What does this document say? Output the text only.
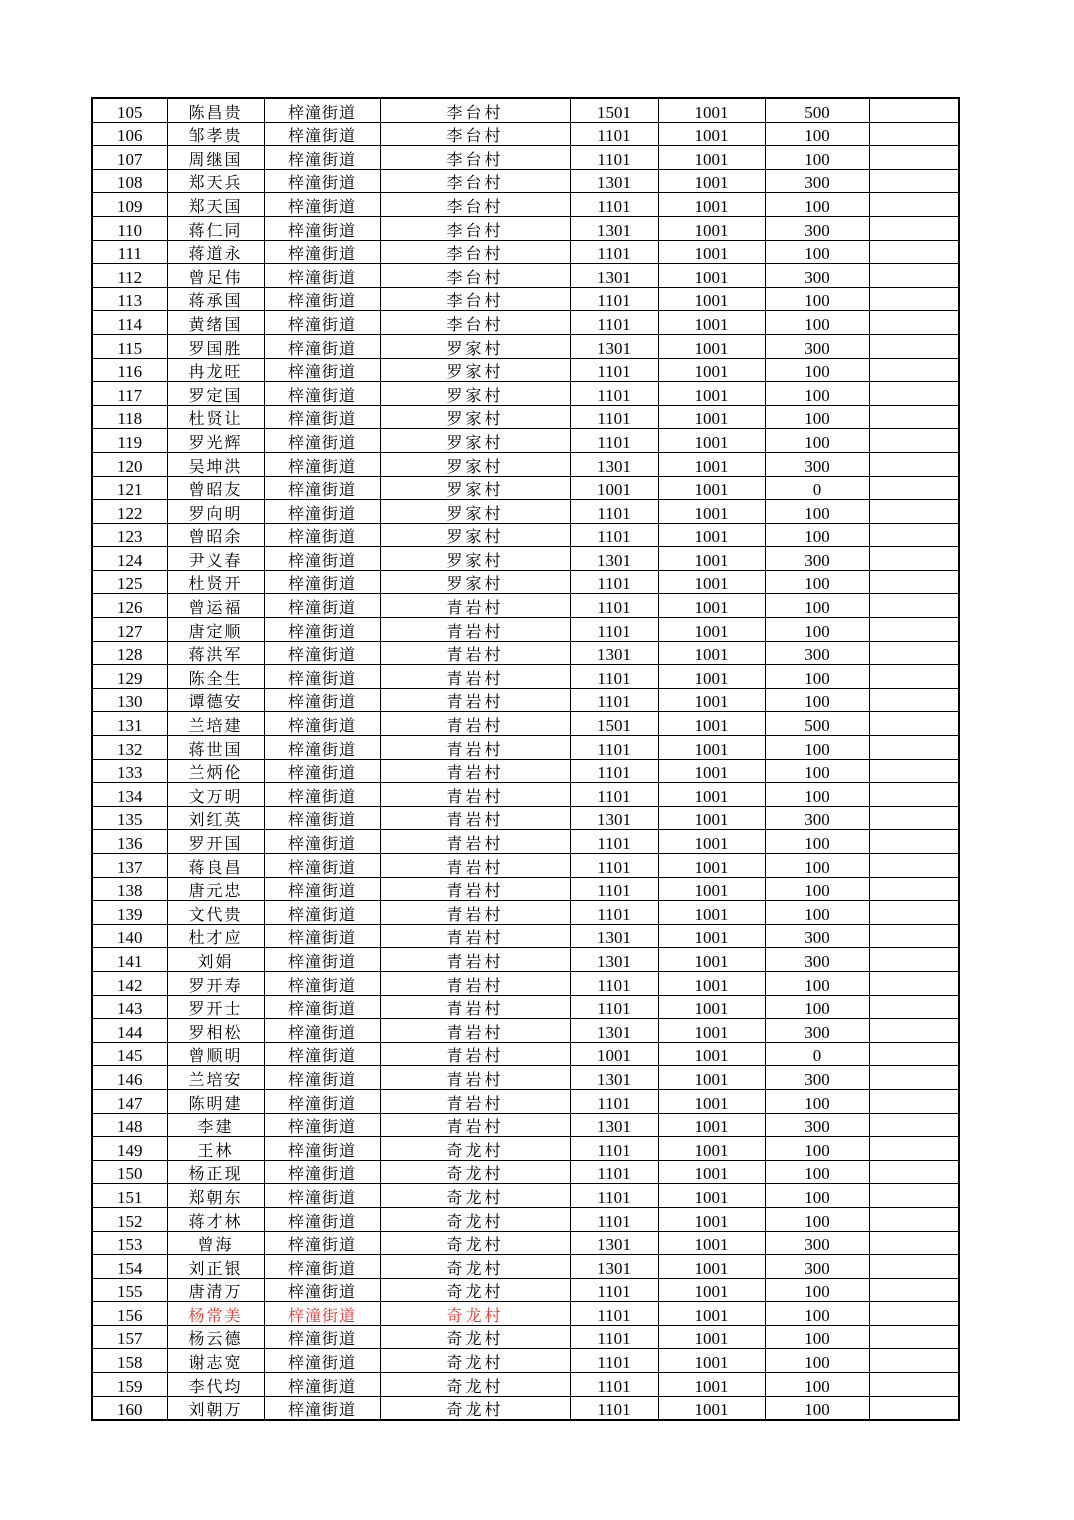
105	陈昌贵	梓潼街道	李台村	1501	1001	500	
106	邹孝贵	梓潼街道	李台村	1101	1001	100	
107	周继国	梓潼街道	李台村	1101	1001	100	
108	郑天兵	梓潼街道	李台村	1301	1001	300	
109	郑天国	梓潼街道	李台村	1101	1001	100	
110	蒋仁同	梓潼街道	李台村	1301	1001	300	
111	蒋道永	梓潼街道	李台村	1101	1001	100	
112	曾足伟	梓潼街道	李台村	1301	1001	300	
113	蒋承国	梓潼街道	李台村	1101	1001	100	
114	黄绪国	梓潼街道	李台村	1101	1001	100	
115	罗国胜	梓潼街道	罗家村	1301	1001	300	
116	冉龙旺	梓潼街道	罗家村	1101	1001	100	
117	罗定国	梓潼街道	罗家村	1101	1001	100	
118	杜贤让	梓潼街道	罗家村	1101	1001	100	
119	罗光辉	梓潼街道	罗家村	1101	1001	100	
120	吴坤洪	梓潼街道	罗家村	1301	1001	300	
121	曾昭友	梓潼街道	罗家村	1001	1001	0	
122	罗向明	梓潼街道	罗家村	1101	1001	100	
123	曾昭余	梓潼街道	罗家村	1101	1001	100	
124	尹义春	梓潼街道	罗家村	1301	1001	300	
125	杜贤开	梓潼街道	罗家村	1101	1001	100	
126	曾运福	梓潼街道	青岩村	1101	1001	100	
127	唐定顺	梓潼街道	青岩村	1101	1001	100	
128	蒋洪军	梓潼街道	青岩村	1301	1001	300	
129	陈全生	梓潼街道	青岩村	1101	1001	100	
130	谭德安	梓潼街道	青岩村	1101	1001	100	
131	兰培建	梓潼街道	青岩村	1501	1001	500	
132	蒋世国	梓潼街道	青岩村	1101	1001	100	
133	兰炳伦	梓潼街道	青岩村	1101	1001	100	
134	文万明	梓潼街道	青岩村	1101	1001	100	
135	刘红英	梓潼街道	青岩村	1301	1001	300	
136	罗开国	梓潼街道	青岩村	1101	1001	100	
137	蒋良昌	梓潼街道	青岩村	1101	1001	100	
138	唐元忠	梓潼街道	青岩村	1101	1001	100	
139	文代贵	梓潼街道	青岩村	1101	1001	100	
140	杜才应	梓潼街道	青岩村	1301	1001	300	
141	刘娟	梓潼街道	青岩村	1301	1001	300	
142	罗开寿	梓潼街道	青岩村	1101	1001	100	
143	罗开士	梓潼街道	青岩村	1101	1001	100	
144	罗相松	梓潼街道	青岩村	1301	1001	300	
145	曾顺明	梓潼街道	青岩村	1001	1001	0	
146	兰培安	梓潼街道	青岩村	1301	1001	300	
147	陈明建	梓潼街道	青岩村	1101	1001	100	
148	李建	梓潼街道	青岩村	1301	1001	300	
149	王林	梓潼街道	奇龙村	1101	1001	100	
150	杨正现	梓潼街道	奇龙村	1101	1001	100	
151	郑朝东	梓潼街道	奇龙村	1101	1001	100	
152	蒋才林	梓潼街道	奇龙村	1101	1001	100	
153	曾海	梓潼街道	奇龙村	1301	1001	300	
154	刘正银	梓潼街道	奇龙村	1301	1001	300	
155	唐清万	梓潼街道	奇龙村	1101	1001	100	
156	杨常美	梓潼街道	奇龙村	1101	1001	100	
157	杨云德	梓潼街道	奇龙村	1101	1001	100	
158	谢志宽	梓潼街道	奇龙村	1101	1001	100	
159	李代均	梓潼街道	奇龙村	1101	1001	100	
160	刘朝万	梓潼街道	奇龙村	1101	1001	100	
